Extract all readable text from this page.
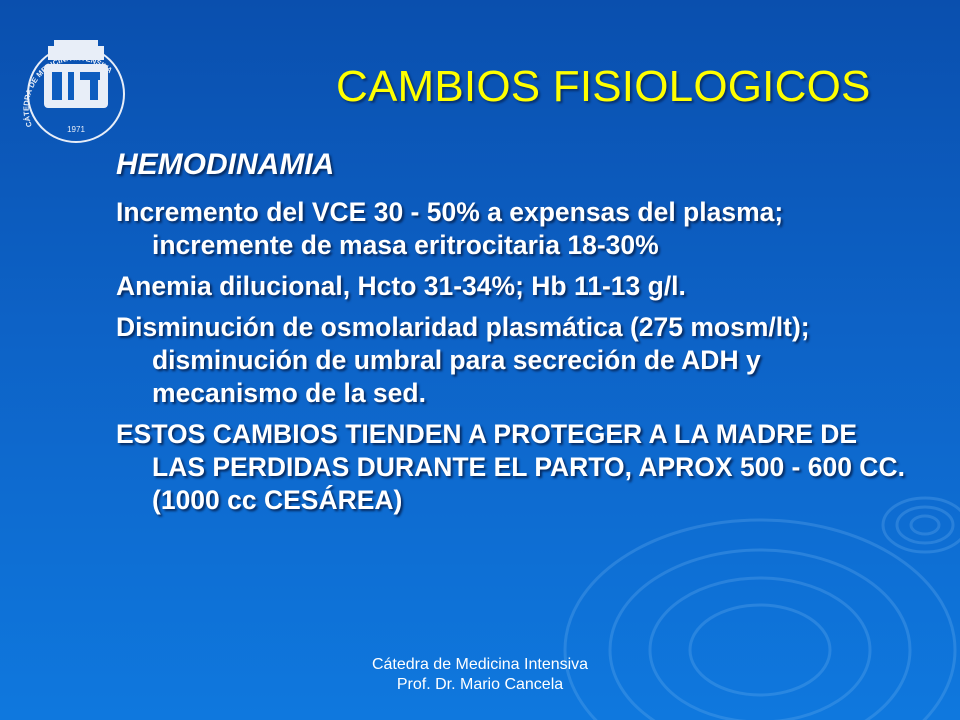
1971
CÁTEDRA DE MEDICINA INTENSIVA	CAMBIOS FISIOLOGICOS
HEMODINAMIA
Incremento del VCE 30 - 50% a expensas del plasma; incremente de masa eritrocitaria 18-30%
Anemia dilucional, Hcto 31-34%; Hb 11-13 g/l.
Disminución de osmolaridad plasmática (275 mosm/lt); disminución de umbral para secreción de ADH y mecanismo de la sed.
ESTOS CAMBIOS TIENDEN A PROTEGER A LA MADRE DE LAS PERDIDAS DURANTE EL PARTO, APROX 500 - 600 CC. (1000 cc CESÁREA)
Cátedra de Medicina Intensiva
Prof. Dr. Mario Cancela
